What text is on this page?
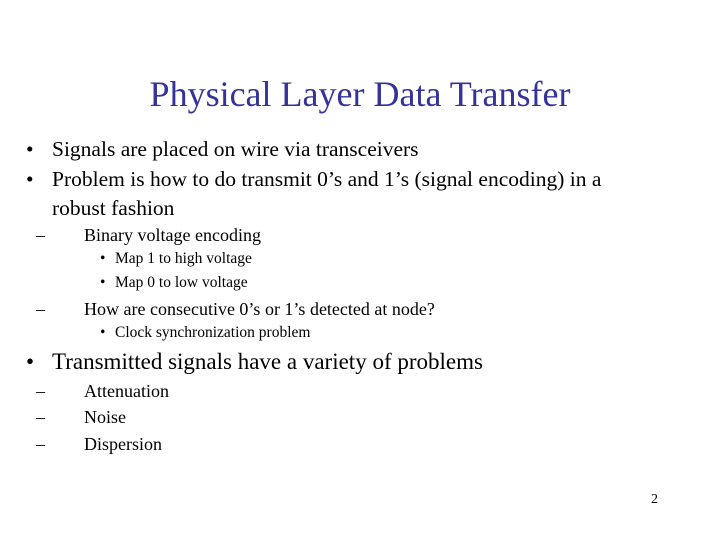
Physical Layer Data Transfer
• Signals are placed on wire via transceivers
• Problem is how to do transmit 0’s and 1’s (signal encoding) in a
robust fashion
– Binary voltage encoding
• Map 1 to high voltage
• Map 0 to low voltage
– How are consecutive 0’s or 1’s detected at node?
• Clock synchronization problem
• Transmitted signals have a variety of problems
– Attenuation
– Noise
– Dispersion
2
